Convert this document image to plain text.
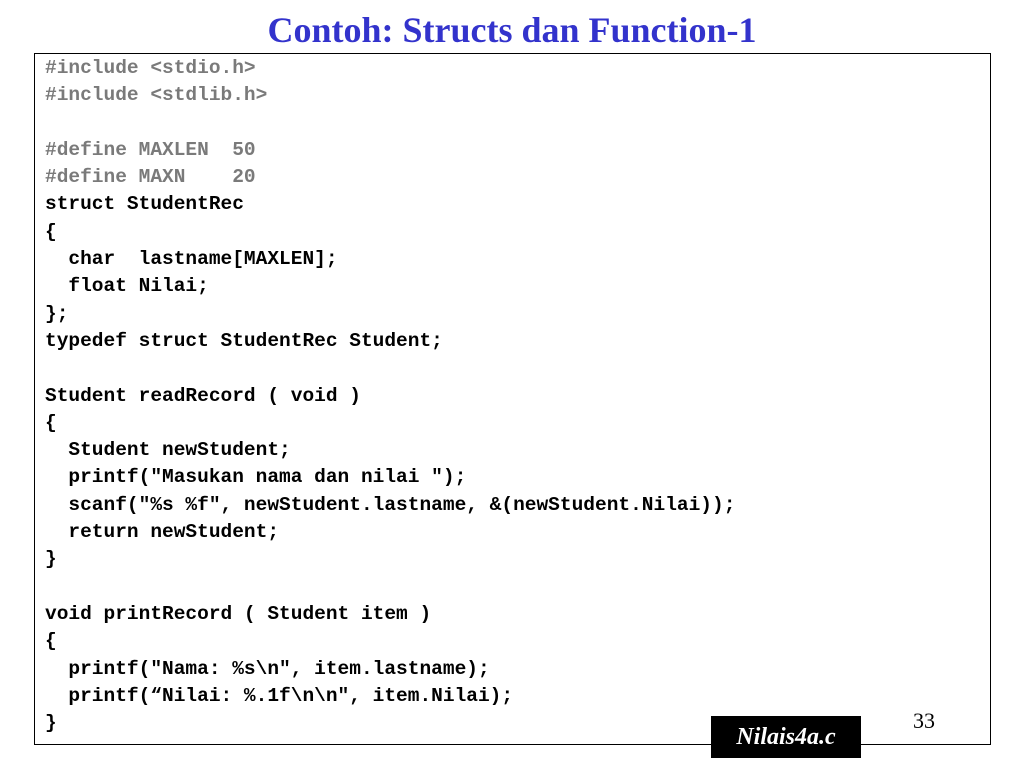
Contoh: Structs dan Function-1
#include <stdio.h>
#include <stdlib.h>
#define MAXLEN  50
#define MAXN    20
struct StudentRec
{
char  lastname[MAXLEN];
float Nilai;
};
typedef struct StudentRec Student;
Student readRecord ( void )
{
Student newStudent;
printf("Masukan nama dan nilai ");
scanf("%s %f", newStudent.lastname, &(newStudent.Nilai));
return newStudent;
}
void printRecord ( Student item )
{
printf("Nama: %s\n", item.lastname);
printf(“Nilai: %.1f\n\n", item.Nilai);
}	33
Nilais4a.c
